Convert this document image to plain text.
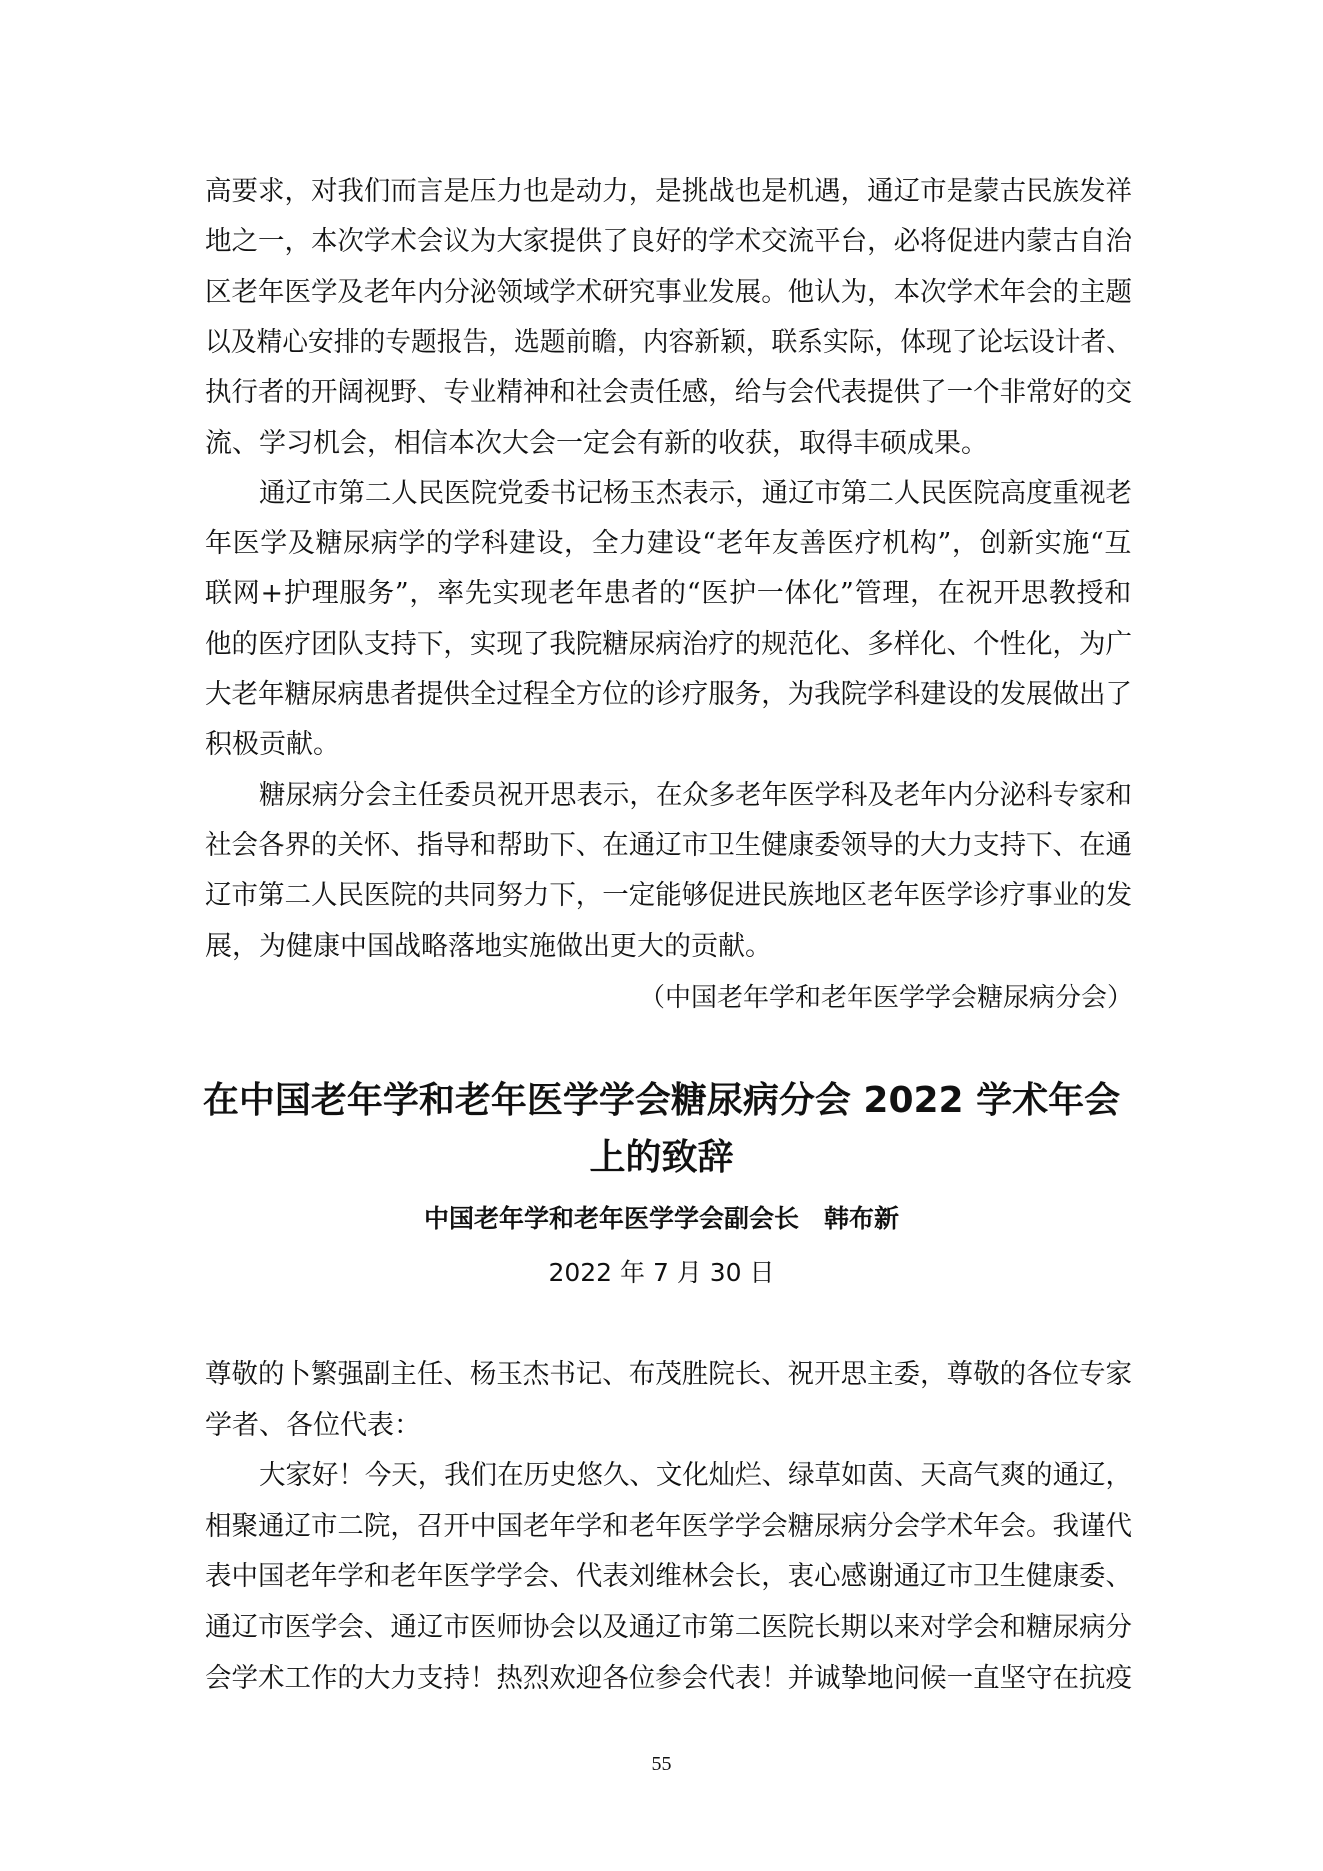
高要求，对我们而言是压力也是动力，是挑战也是机遇，通辽市是蒙古民族发祥
地之一，本次学术会议为大家提供了良好的学术交流平台，必将促进内蒙古自治
区老年医学及老年内分泌领域学术研究事业发展。他认为，本次学术年会的主题
以及精心安排的专题报告，选题前瞻，内容新颖，联系实际，体现了论坛设计者、
执行者的开阔视野、专业精神和社会责任感，给与会代表提供了一个非常好的交
流、学习机会，相信本次大会一定会有新的收获，取得丰硕成果。
通辽市第二人民医院党委书记杨玉杰表示，通辽市第二人民医院高度重视老
年医学及糖尿病学的学科建设，全力建设“老年友善医疗机构”，创新实施“互
联网+护理服务”，率先实现老年患者的“医护一体化”管理，在祝开思教授和
他的医疗团队支持下，实现了我院糖尿病治疗的规范化、多样化、个性化，为广
大老年糖尿病患者提供全过程全方位的诊疗服务，为我院学科建设的发展做出了
积极贡献。
糖尿病分会主任委员祝开思表示，在众多老年医学科及老年内分泌科专家和
社会各界的关怀、指导和帮助下、在通辽市卫生健康委领导的大力支持下、在通
辽市第二人民医院的共同努力下，一定能够促进民族地区老年医学诊疗事业的发
展，为健康中国战略落地实施做出更大的贡献。
（中国老年学和老年医学学会糖尿病分会）
在中国老年学和老年医学学会糖尿病分会 2022 学术年会
上的致辞
中国老年学和老年医学学会副会长　韩布新
2022 年 7 月 30 日
尊敬的卜繁强副主任、杨玉杰书记、布茂胜院长、祝开思主委，尊敬的各位专家
学者、各位代表：
大家好！今天，我们在历史悠久、文化灿烂、绿草如茵、天高气爽的通辽，
相聚通辽市二院，召开中国老年学和老年医学学会糖尿病分会学术年会。我谨代
表中国老年学和老年医学学会、代表刘维林会长，衷心感谢通辽市卫生健康委、
通辽市医学会、通辽市医师协会以及通辽市第二医院长期以来对学会和糖尿病分
会学术工作的大力支持！热烈欢迎各位参会代表！并诚挚地问候一直坚守在抗疫
55
